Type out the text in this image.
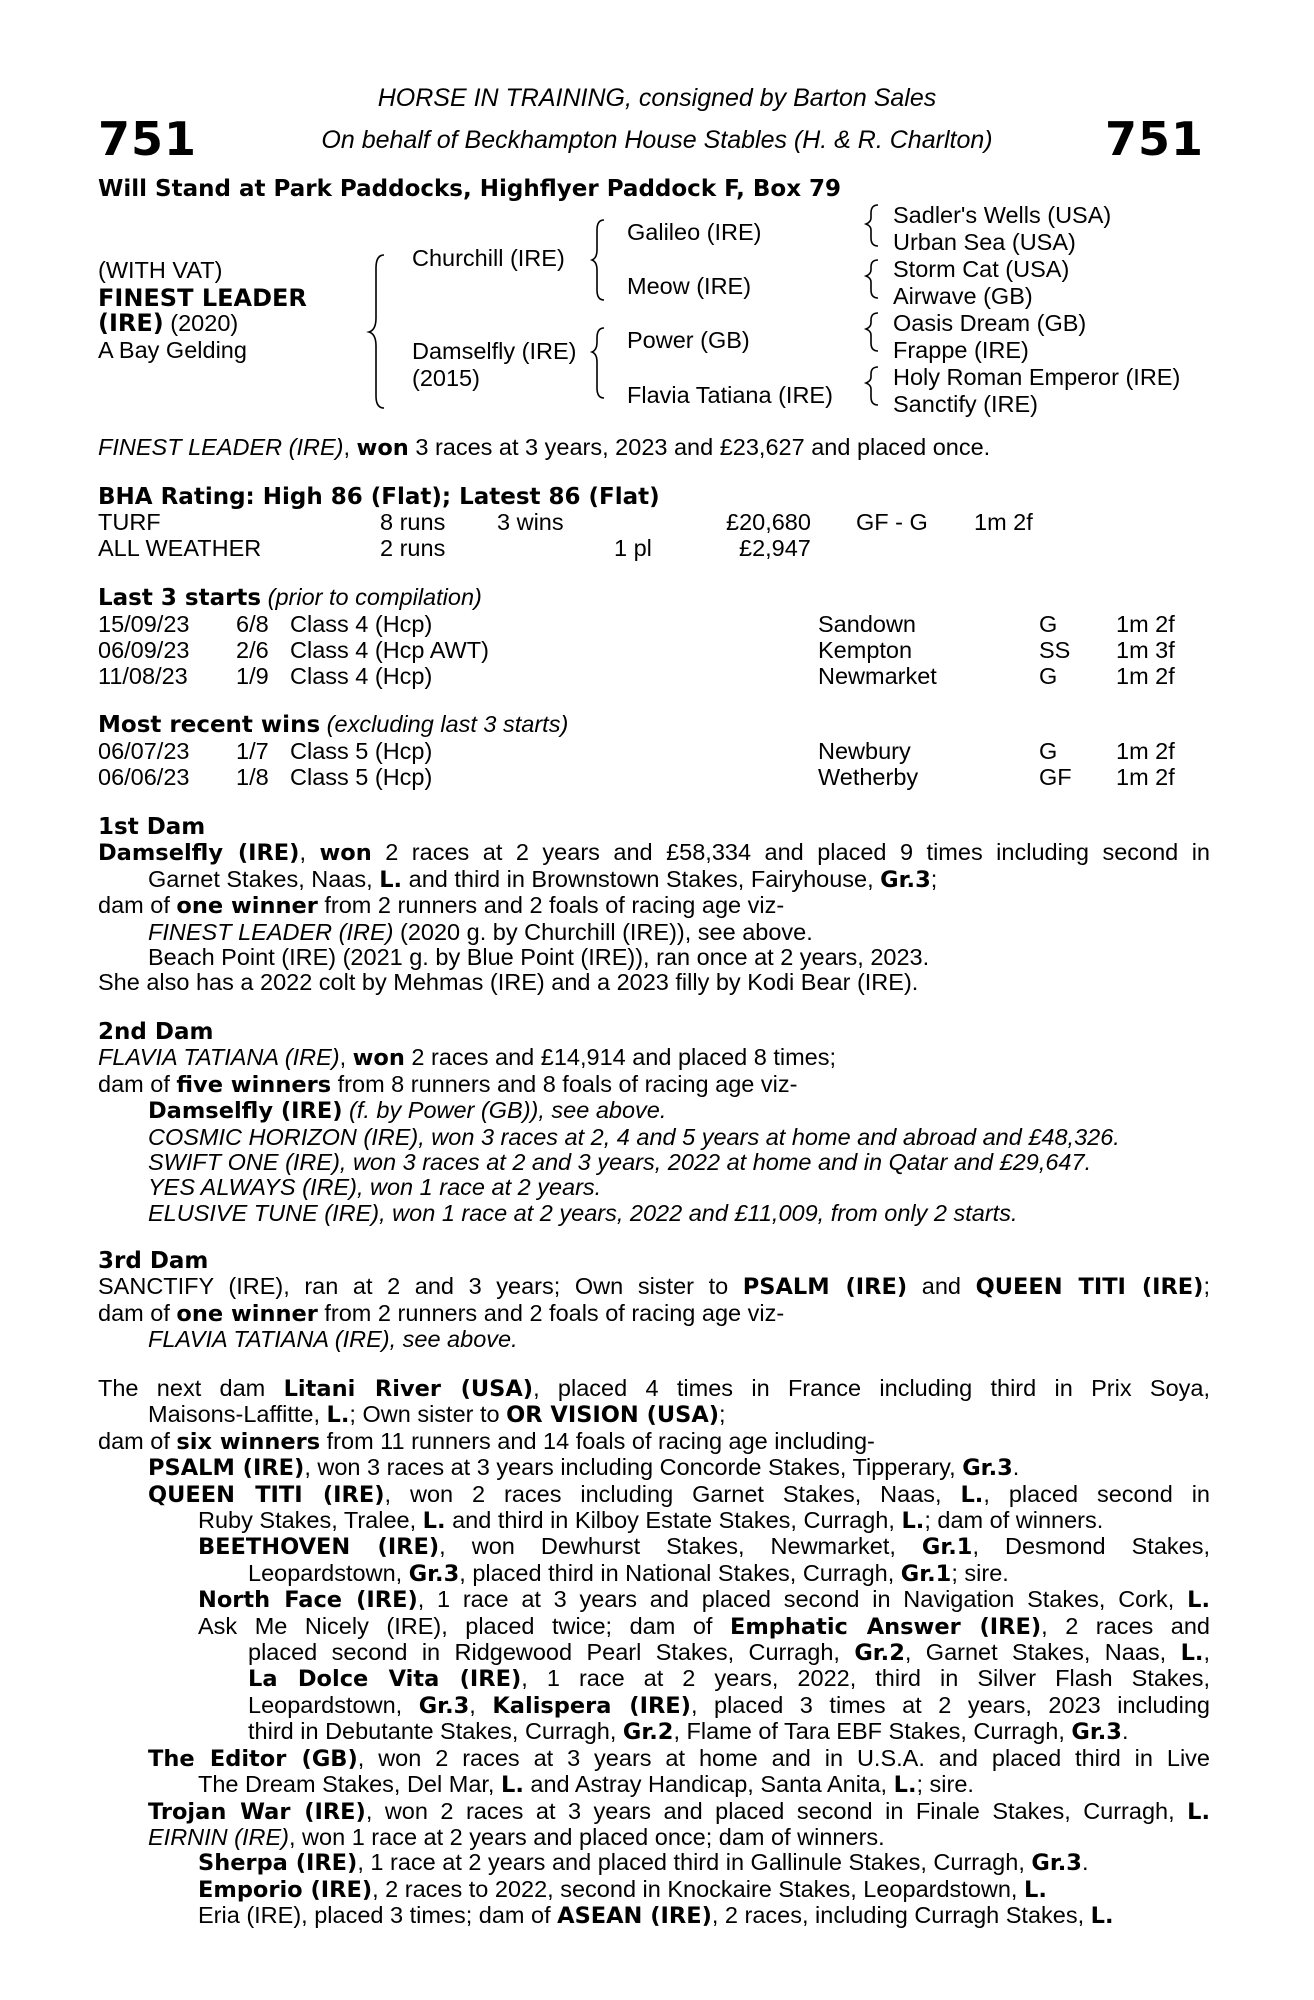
751	751
HORSE IN TRAINING, consigned by Barton Sales
On behalf of Beckhampton House Stables (H. & R. Charlton)
Will Stand at Park Paddocks, Highflyer Paddock F, Box 79
(WITH VAT)
FINEST LEADER
(IRE) (2020)
A Bay Gelding
Churchill (IRE)
Damselfly (IRE)
(2015)
Galileo (IRE)
Meow (IRE)
Power (GB)
Flavia Tatiana (IRE)
Sadler's Wells (USA)
Urban Sea (USA)
Storm Cat (USA)
Airwave (GB)
Oasis Dream (GB)
Frappe (IRE)
Holy Roman Emperor (IRE)
Sanctify (IRE)
FINEST LEADER (IRE), won 3 races at 3 years, 2023 and £23,627 and placed once.
BHA Rating: High 86 (Flat); Latest 86 (Flat)
TURF	8 runs 3 wins	£20,680 GF - G 1m 2f
ALL WEATHER	2 runs	1 pl	£2,947
Last 3 starts (prior to compilation)
15/09/23 6/8 Class 4 (Hcp)	Sandown	G 1m 2f
06/09/23 2/6 Class 4 (Hcp AWT)	Kempton	SS 1m 3f
11/08/23 1/9 Class 4 (Hcp)	Newmarket	G 1m 2f
Most recent wins (excluding last 3 starts)
06/07/23 1/7 Class 5 (Hcp)	Newbury	G 1m 2f
06/06/23 1/8 Class 5 (Hcp)	Wetherby	GF 1m 2f
1st Dam
Damselfly (IRE), won 2 races at 2 years and £58,334 and placed 9 times including second in
Garnet Stakes, Naas, L. and third in Brownstown Stakes, Fairyhouse, Gr.3;
dam of one winner from 2 runners and 2 foals of racing age viz-
FINEST LEADER (IRE) (2020 g. by Churchill (IRE)), see above.
Beach Point (IRE) (2021 g. by Blue Point (IRE)), ran once at 2 years, 2023.
She also has a 2022 colt by Mehmas (IRE) and a 2023 filly by Kodi Bear (IRE).
2nd Dam
FLAVIA TATIANA (IRE), won 2 races and £14,914 and placed 8 times;
dam of five winners from 8 runners and 8 foals of racing age viz-
Damselfly (IRE) (f. by Power (GB)), see above.
COSMIC HORIZON (IRE), won 3 races at 2, 4 and 5 years at home and abroad and £48,326.
SWIFT ONE (IRE), won 3 races at 2 and 3 years, 2022 at home and in Qatar and £29,647.
YES ALWAYS (IRE), won 1 race at 2 years.
ELUSIVE TUNE (IRE), won 1 race at 2 years, 2022 and £11,009, from only 2 starts.
3rd Dam
SANCTIFY (IRE), ran at 2 and 3 years; Own sister to PSALM (IRE) and QUEEN TITI (IRE);
dam of one winner from 2 runners and 2 foals of racing age viz-
FLAVIA TATIANA (IRE), see above.
The next dam Litani River (USA), placed 4 times in France including third in Prix Soya,
Maisons-Laffitte, L.; Own sister to OR VISION (USA);
dam of six winners from 11 runners and 14 foals of racing age including-
PSALM (IRE), won 3 races at 3 years including Concorde Stakes, Tipperary, Gr.3.
QUEEN TITI (IRE), won 2 races including Garnet Stakes, Naas, L., placed second in
Ruby Stakes, Tralee, L. and third in Kilboy Estate Stakes, Curragh, L.; dam of winners.
BEETHOVEN (IRE), won Dewhurst Stakes, Newmarket, Gr.1, Desmond Stakes,
Leopardstown, Gr.3, placed third in National Stakes, Curragh, Gr.1; sire.
North Face (IRE), 1 race at 3 years and placed second in Navigation Stakes, Cork, L.
Ask Me Nicely (IRE), placed twice; dam of Emphatic Answer (IRE), 2 races and
placed second in Ridgewood Pearl Stakes, Curragh, Gr.2, Garnet Stakes, Naas, L.,
La Dolce Vita (IRE), 1 race at 2 years, 2022, third in Silver Flash Stakes,
Leopardstown, Gr.3, Kalispera (IRE), placed 3 times at 2 years, 2023 including
third in Debutante Stakes, Curragh, Gr.2, Flame of Tara EBF Stakes, Curragh, Gr.3.
The Editor (GB), won 2 races at 3 years at home and in U.S.A. and placed third in Live
The Dream Stakes, Del Mar, L. and Astray Handicap, Santa Anita, L.; sire.
Trojan War (IRE), won 2 races at 3 years and placed second in Finale Stakes, Curragh, L.
EIRNIN (IRE), won 1 race at 2 years and placed once; dam of winners.
Sherpa (IRE), 1 race at 2 years and placed third in Gallinule Stakes, Curragh, Gr.3.
Emporio (IRE), 2 races to 2022, second in Knockaire Stakes, Leopardstown, L.
Eria (IRE), placed 3 times; dam of ASEAN (IRE), 2 races, including Curragh Stakes, L.
